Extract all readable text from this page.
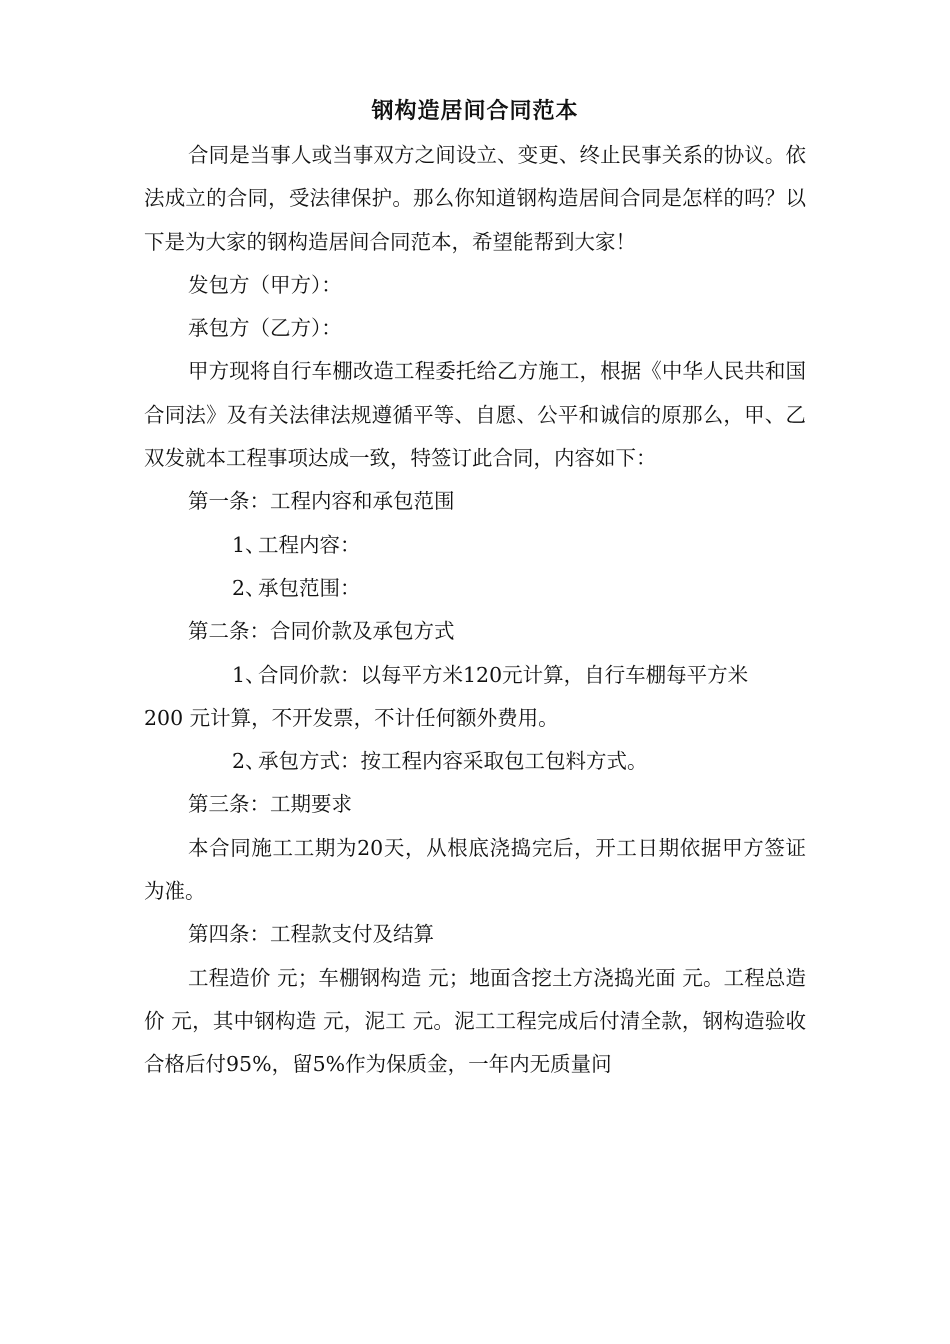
钢构造居间合同范本

合同是当事人或当事双方之间设立、变更、终止民事关系的协议。依法成立的合同，受法律保护。那么你知道钢构造居间合同是怎样的吗？以下是为大家的钢构造居间合同范本，希望能帮到大家！

发包方（甲方）：

承包方（乙方）：

甲方现将自行车棚改造工程委托给乙方施工，根据《中华人民共和国合同法》及有关法律法规遵循平等、自愿、公平和诚信的原那么，甲、乙双发就本工程事项达成一致，特签订此合同，内容如下：

第一条：工程内容和承包范围

1、工程内容：

2、承包范围：

第二条：合同价款及承包方式

1、合同价款：以每平方米120元计算，自行车棚每平方米

200 元计算，不开发票，不计任何额外费用。

2、承包方式：按工程内容采取包工包料方式。

第三条：工期要求

本合同施工工期为20天，从根底浇捣完后，开工日期依据甲方签证为准。

第四条：工程款支付及结算

工程造价 元；车棚钢构造 元；地面含挖土方浇捣光面 元。工程总造价 元，其中钢构造 元，泥工 元。泥工工程完成后付清全款，钢构造验收合格后付95%，留5%作为保质金，一年内无质量问
